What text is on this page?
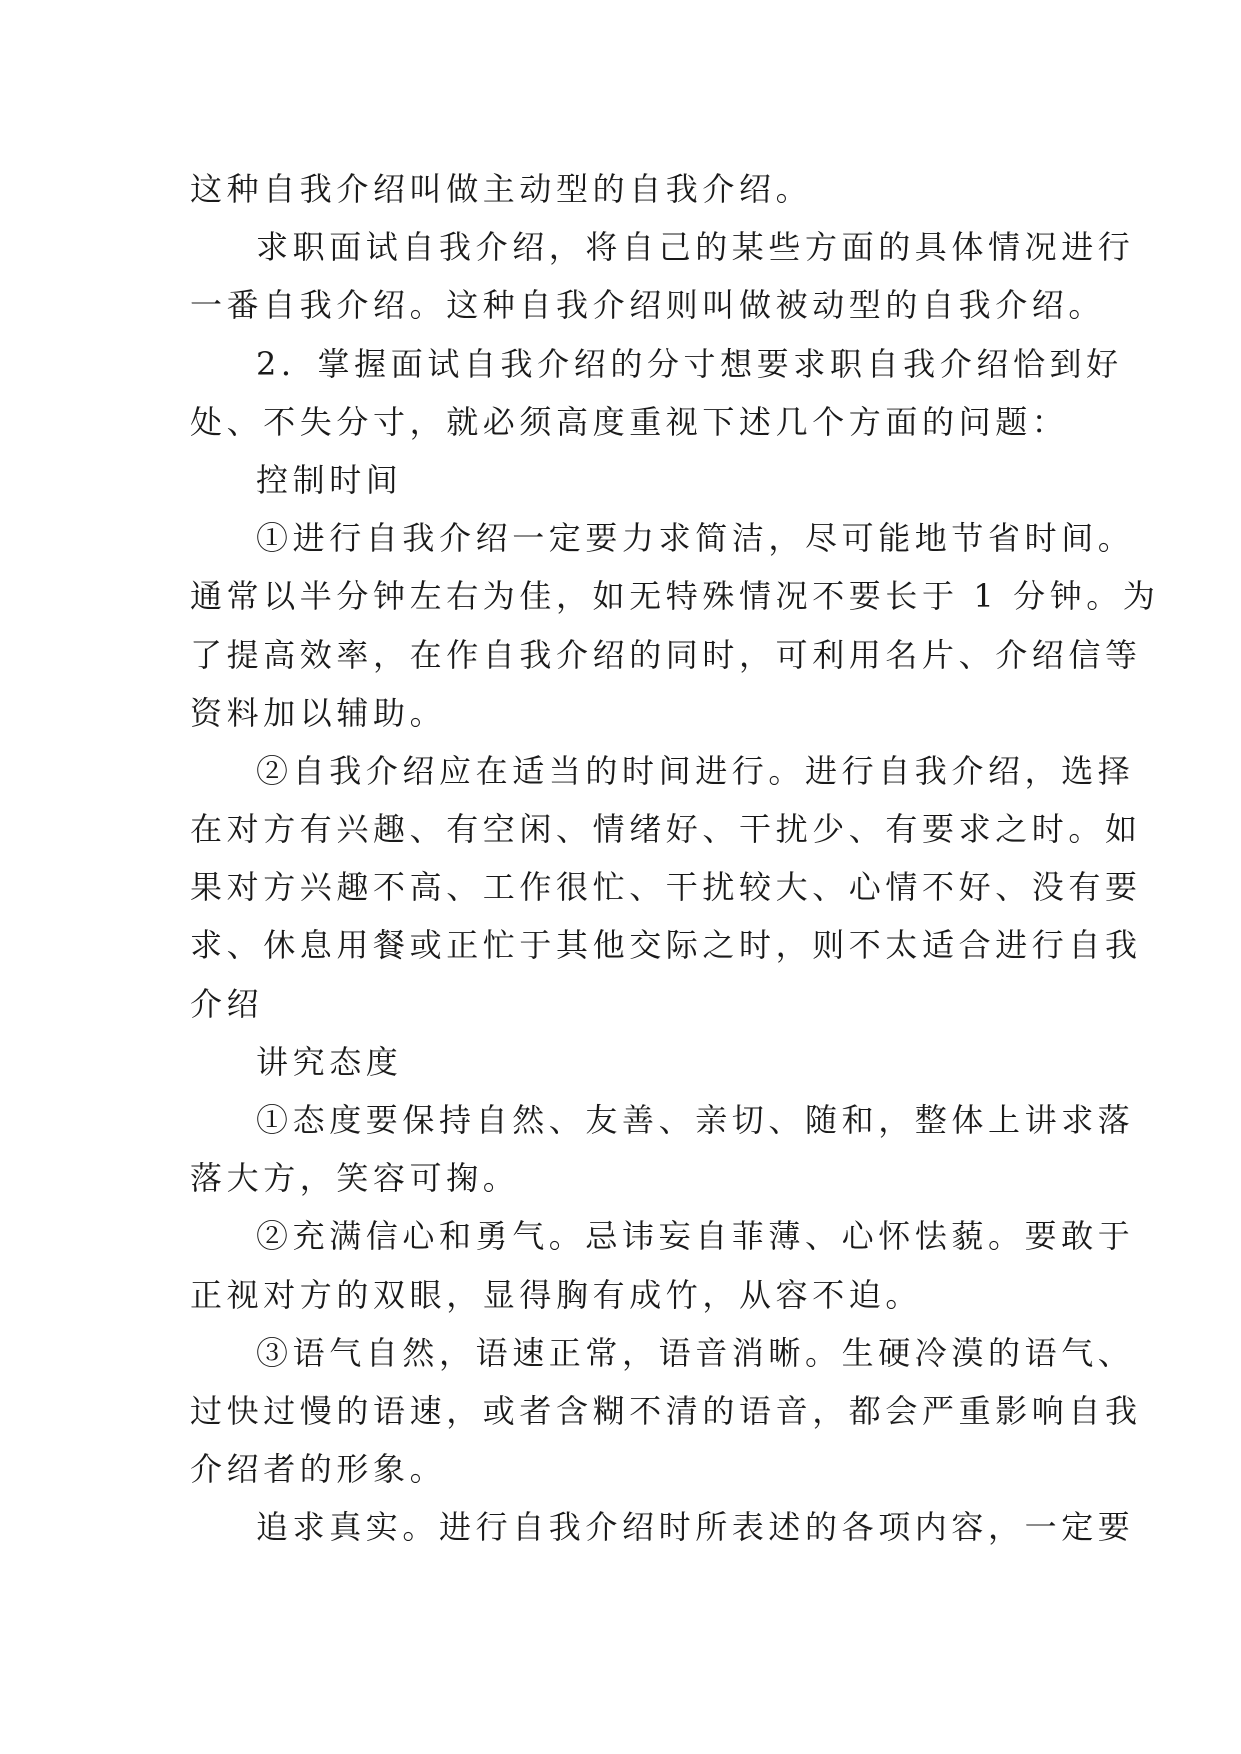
这种自我介绍叫做主动型的自我介绍。
求职面试自我介绍，将自己的某些方面的具体情况进行
一番自我介绍。这种自我介绍则叫做被动型的自我介绍。
2．掌握面试自我介绍的分寸想要求职自我介绍恰到好
处、不失分寸，就必须高度重视下述几个方面的问题：
控制时间
①进行自我介绍一定要力求简洁，尽可能地节省时间。
通常以半分钟左右为佳，如无特殊情况不要长于 1 分钟。为
了提高效率，在作自我介绍的同时，可利用名片、介绍信等
资料加以辅助。
②自我介绍应在适当的时间进行。进行自我介绍，选择
在对方有兴趣、有空闲、情绪好、干扰少、有要求之时。如
果对方兴趣不高、工作很忙、干扰较大、心情不好、没有要
求、休息用餐或正忙于其他交际之时，则不太适合进行自我
介绍
讲究态度
①态度要保持自然、友善、亲切、随和，整体上讲求落
落大方，笑容可掬。
②充满信心和勇气。忌讳妄自菲薄、心怀怯藐。要敢于
正视对方的双眼，显得胸有成竹，从容不迫。
③语气自然，语速正常，语音消晰。生硬冷漠的语气、
过快过慢的语速，或者含糊不清的语音，都会严重影响自我
介绍者的形象。
追求真实。进行自我介绍时所表述的各项内容，一定要
